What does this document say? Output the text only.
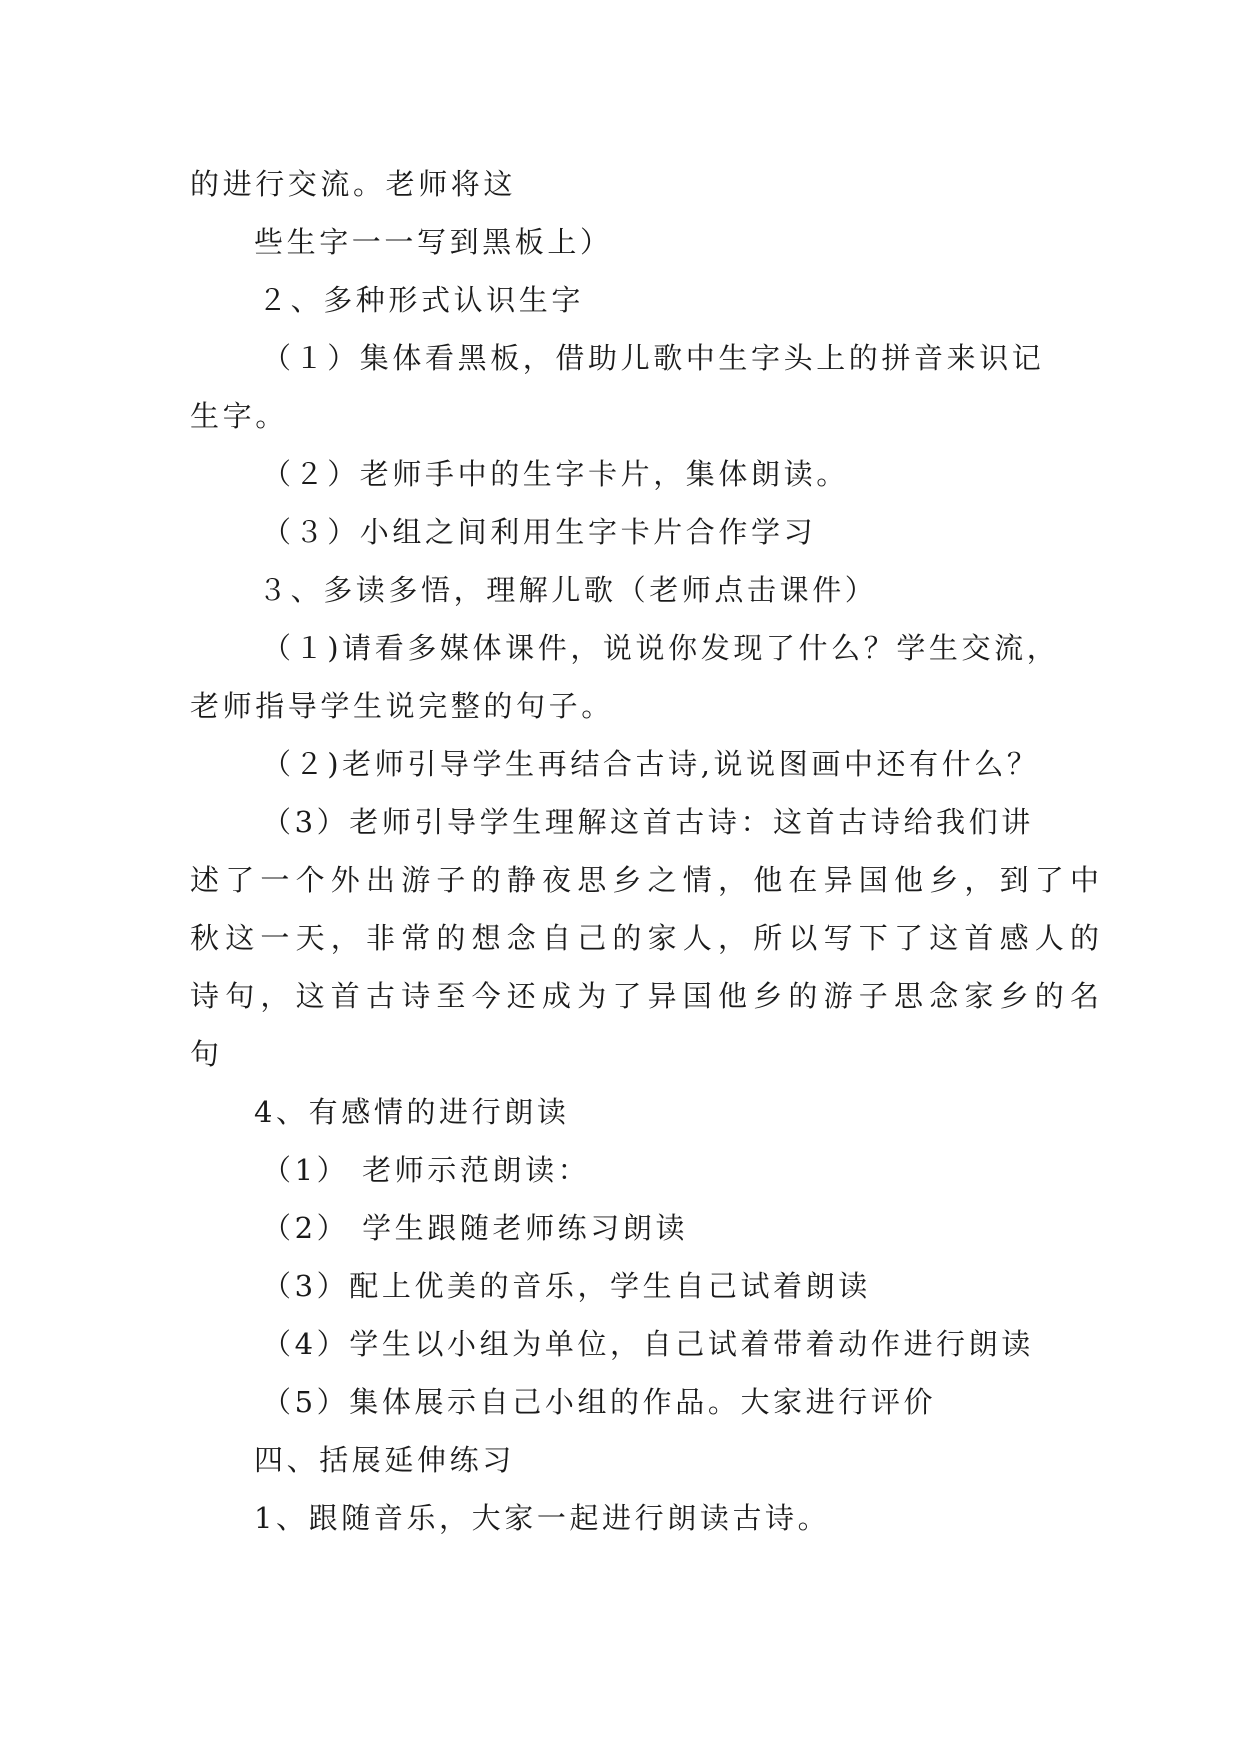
的进行交流。老师将这
些生字一一写到黑板上）
２、多种形式认识生字
（１）集体看黑板，借助儿歌中生字头上的拼音来识记
生字。
（２）老师手中的生字卡片，集体朗读。
（３）小组之间利用生字卡片合作学习
３、多读多悟，理解儿歌（老师点击课件）
（１)请看多媒体课件，说说你发现了什么？学生交流，
老师指导学生说完整的句子。
（２)老师引导学生再结合古诗,说说图画中还有什么？
（3）老师引导学生理解这首古诗：这首古诗给我们讲
述了一个外出游子的静夜思乡之情，他在异国他乡，到了中
秋这一天，非常的想念自己的家人，所以写下了这首感人的
诗句，这首古诗至今还成为了异国他乡的游子思念家乡的名
句
4、有感情的进行朗读
（1） 老师示范朗读：
（2） 学生跟随老师练习朗读
（3）配上优美的音乐，学生自己试着朗读
（4）学生以小组为单位，自己试着带着动作进行朗读
（5）集体展示自己小组的作品。大家进行评价
四、括展延伸练习
1、跟随音乐，大家一起进行朗读古诗。
